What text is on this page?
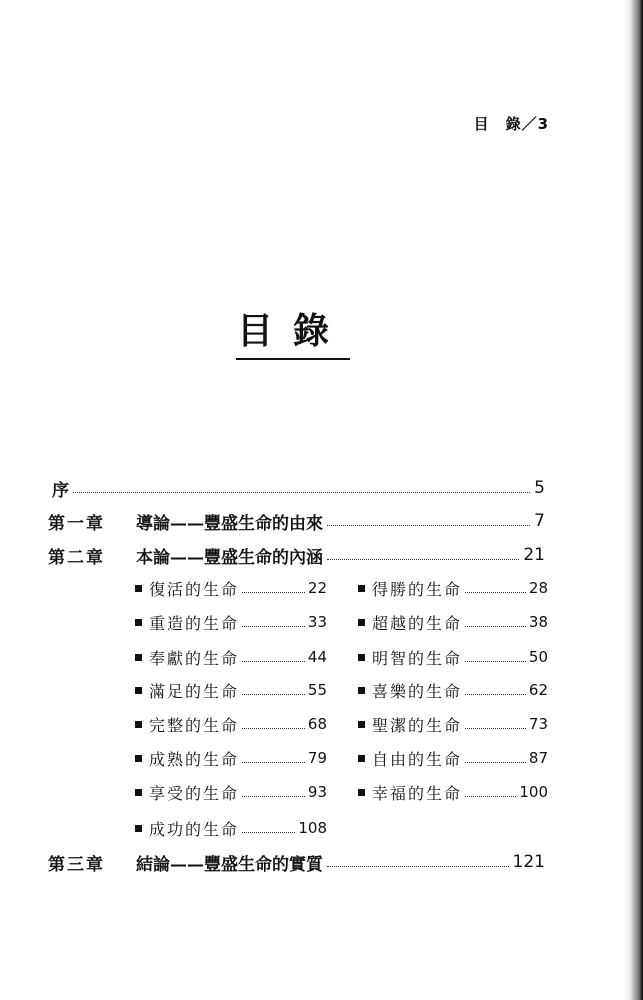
目　錄／3
目錄
序	5
第一章 導論——豐盛生命的由來	7
第二章 本論——豐盛生命的內涵	21
復活的生命	22	得勝的生命	28
重造的生命	33	超越的生命	38
奉獻的生命	44	明智的生命	50
滿足的生命	55	喜樂的生命	62
完整的生命	68	聖潔的生命	73
成熟的生命	79	自由的生命	87
享受的生命	93	幸福的生命	100
成功的生命	108
第三章 結論——豐盛生命的實質	121
